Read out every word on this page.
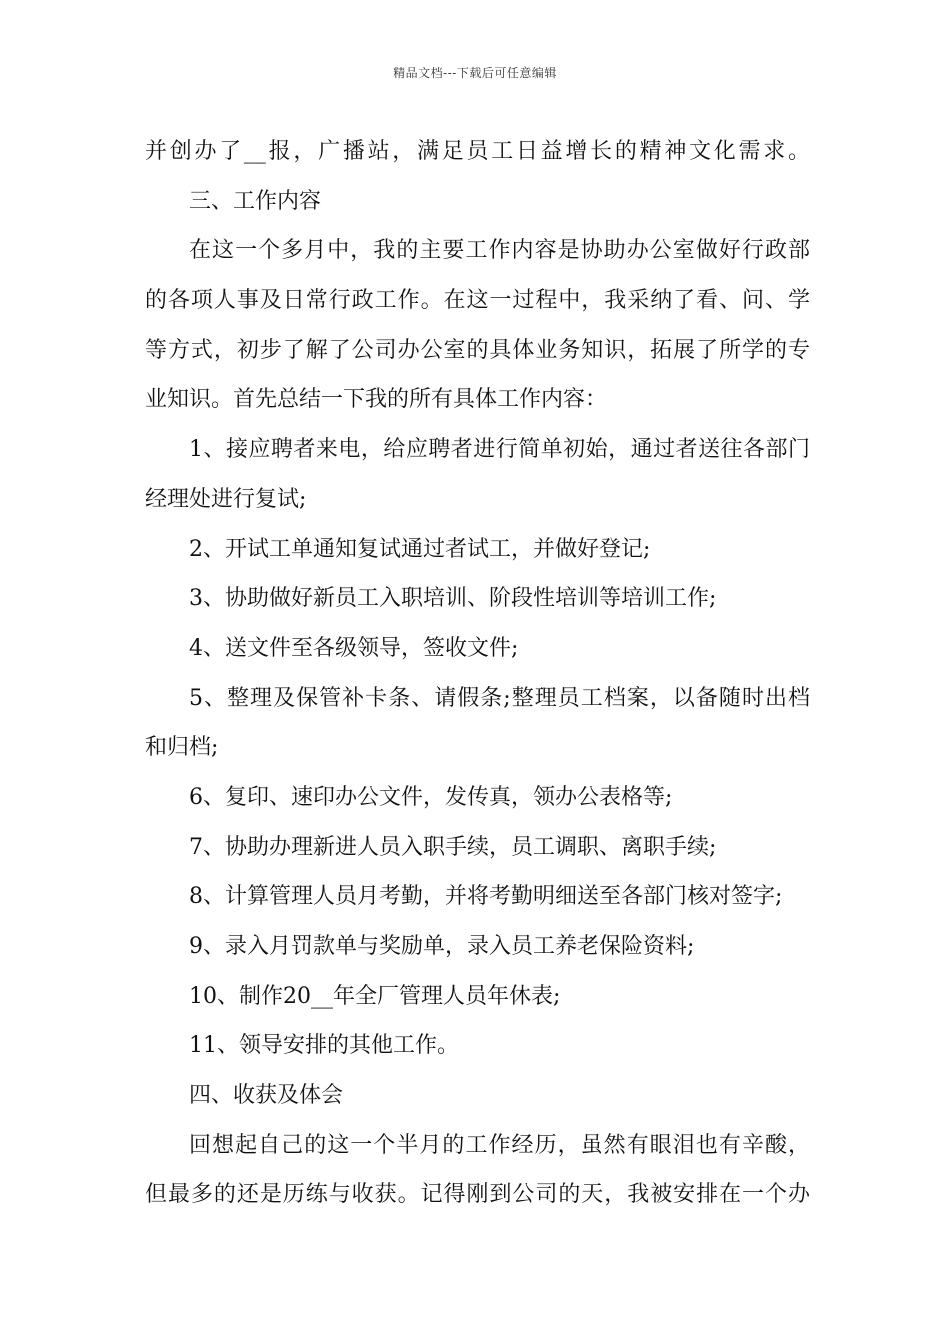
精品文档---下载后可任意编辑
并创办了__报，广播站，满足员工日益增长的精神文化需求。
三、工作内容
在这一个多月中，我的主要工作内容是协助办公室做好行政部
的各项人事及日常行政工作。在这一过程中，我采纳了看、问、学
等方式，初步了解了公司办公室的具体业务知识，拓展了所学的专
业知识。首先总结一下我的所有具体工作内容：
1、接应聘者来电，给应聘者进行简单初始，通过者送往各部门
经理处进行复试;
2、开试工单通知复试通过者试工，并做好登记;
3、协助做好新员工入职培训、阶段性培训等培训工作;
4、送文件至各级领导，签收文件;
5、整理及保管补卡条、请假条;整理员工档案，以备随时出档
和归档;
6、复印、速印办公文件，发传真，领办公表格等;
7、协助办理新进人员入职手续，员工调职、离职手续;
8、计算管理人员月考勤，并将考勤明细送至各部门核对签字;
9、录入月罚款单与奖励单，录入员工养老保险资料;
10、制作20__年全厂管理人员年休表;
11、领导安排的其他工作。
四、收获及体会
回想起自己的这一个半月的工作经历，虽然有眼泪也有辛酸，
但最多的还是历练与收获。记得刚到公司的天，我被安排在一个办
